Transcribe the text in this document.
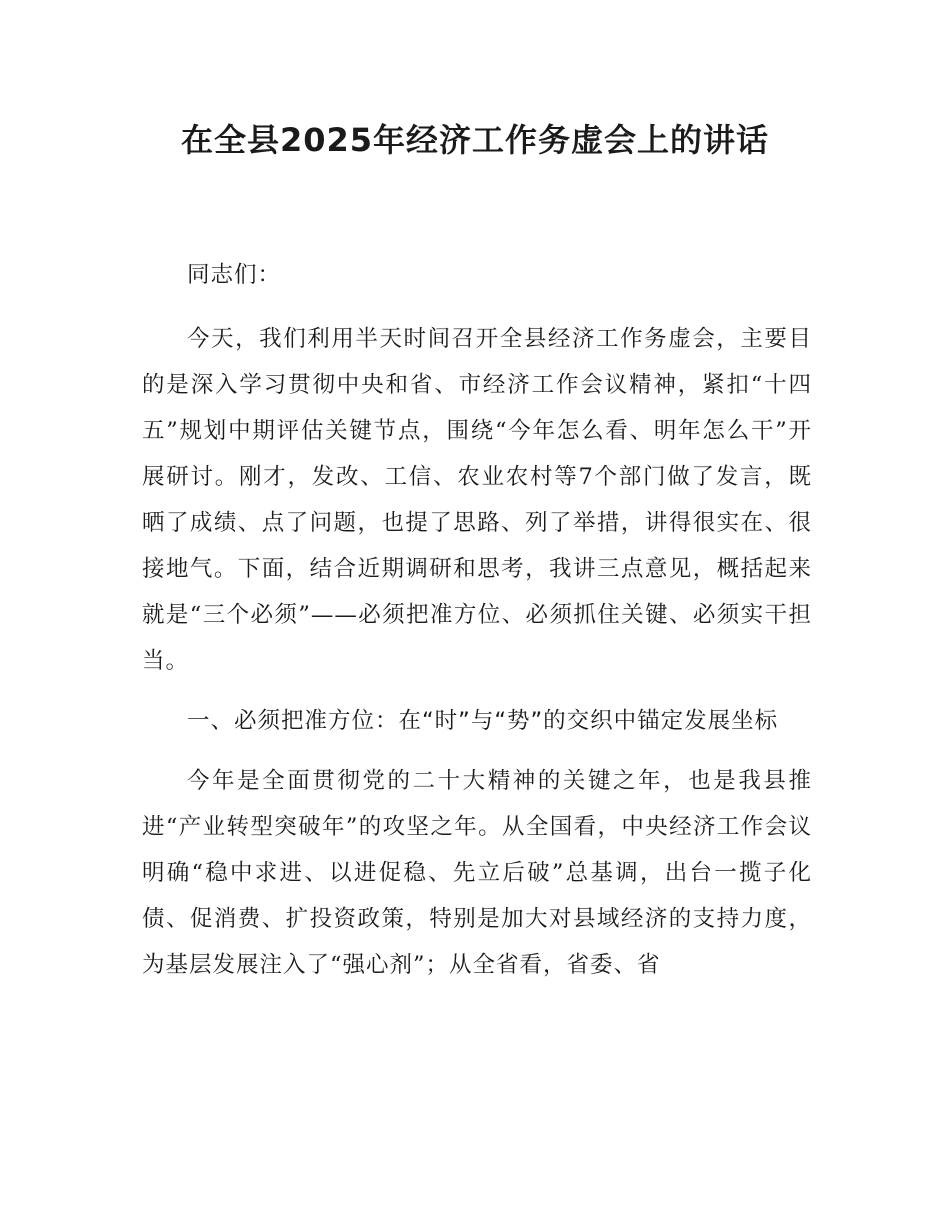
在全县2025年经济工作务虚会上的讲话

同志们：

今天，我们利用半天时间召开全县经济工作务虚会，主要目的是深入学习贯彻中央和省、市经济工作会议精神，紧扣“十四五”规划中期评估关键节点，围绕“今年怎么看、明年怎么干”开展研讨。刚才，发改、工信、农业农村等7个部门做了发言，既晒了成绩、点了问题，也提了思路、列了举措，讲得很实在、很接地气。下面，结合近期调研和思考，我讲三点意见，概括起来就是“三个必须”——必须把准方位、必须抓住关键、必须实干担当。

一、必须把准方位：在“时”与“势”的交织中锚定发展坐标

今年是全面贯彻党的二十大精神的关键之年，也是我县推进“产业转型突破年”的攻坚之年。从全国看，中央经济工作会议明确“稳中求进、以进促稳、先立后破”总基调，出台一揽子化债、促消费、扩投资政策，特别是加大对县域经济的支持力度，为基层发展注入了“强心剂”；从全省看，省委、省
